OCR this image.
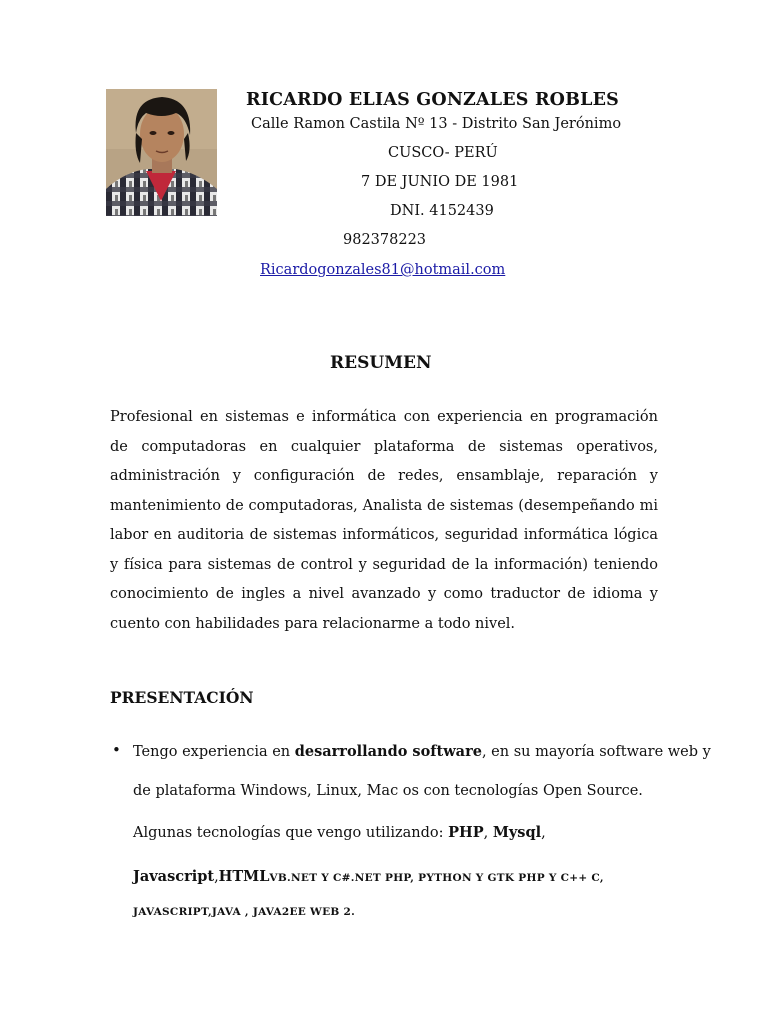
RICARDO ELIAS GONZALES ROBLES
Calle Ramon Castila Nº 13 - Distrito San Jerónimo
CUSCO- PERÚ
7 DE JUNIO DE 1981
DNI. 4152439
982378223
Ricardogonzales81@hotmail.com
RESUMEN

Profesional en sistemas e informática con experiencia en programación de computadoras en cualquier plataforma de sistemas operativos, administración y configuración de redes, ensamblaje, reparación y mantenimiento de computadoras, Analista de sistemas (desempeñando mi labor en auditoria de sistemas informáticos, seguridad informática lógica y física para sistemas de control y seguridad de la información) teniendo conocimiento de ingles a nivel avanzado y como traductor de idioma y cuento con habilidades para relacionarme a todo nivel.

PRESENTACIÓN
• Tengo experiencia en desarrollando software, en su mayoría software web y
de plataforma Windows, Linux, Mac os con tecnologías Open Source.
Algunas tecnologías que vengo utilizando: PHP, Mysql,
Javascript,HTMLVB.NET Y C#.NET PHP, PYTHON Y GTK PHP Y C++ C,
JAVASCRIPT,JAVA , JAVA2EE WEB 2.
